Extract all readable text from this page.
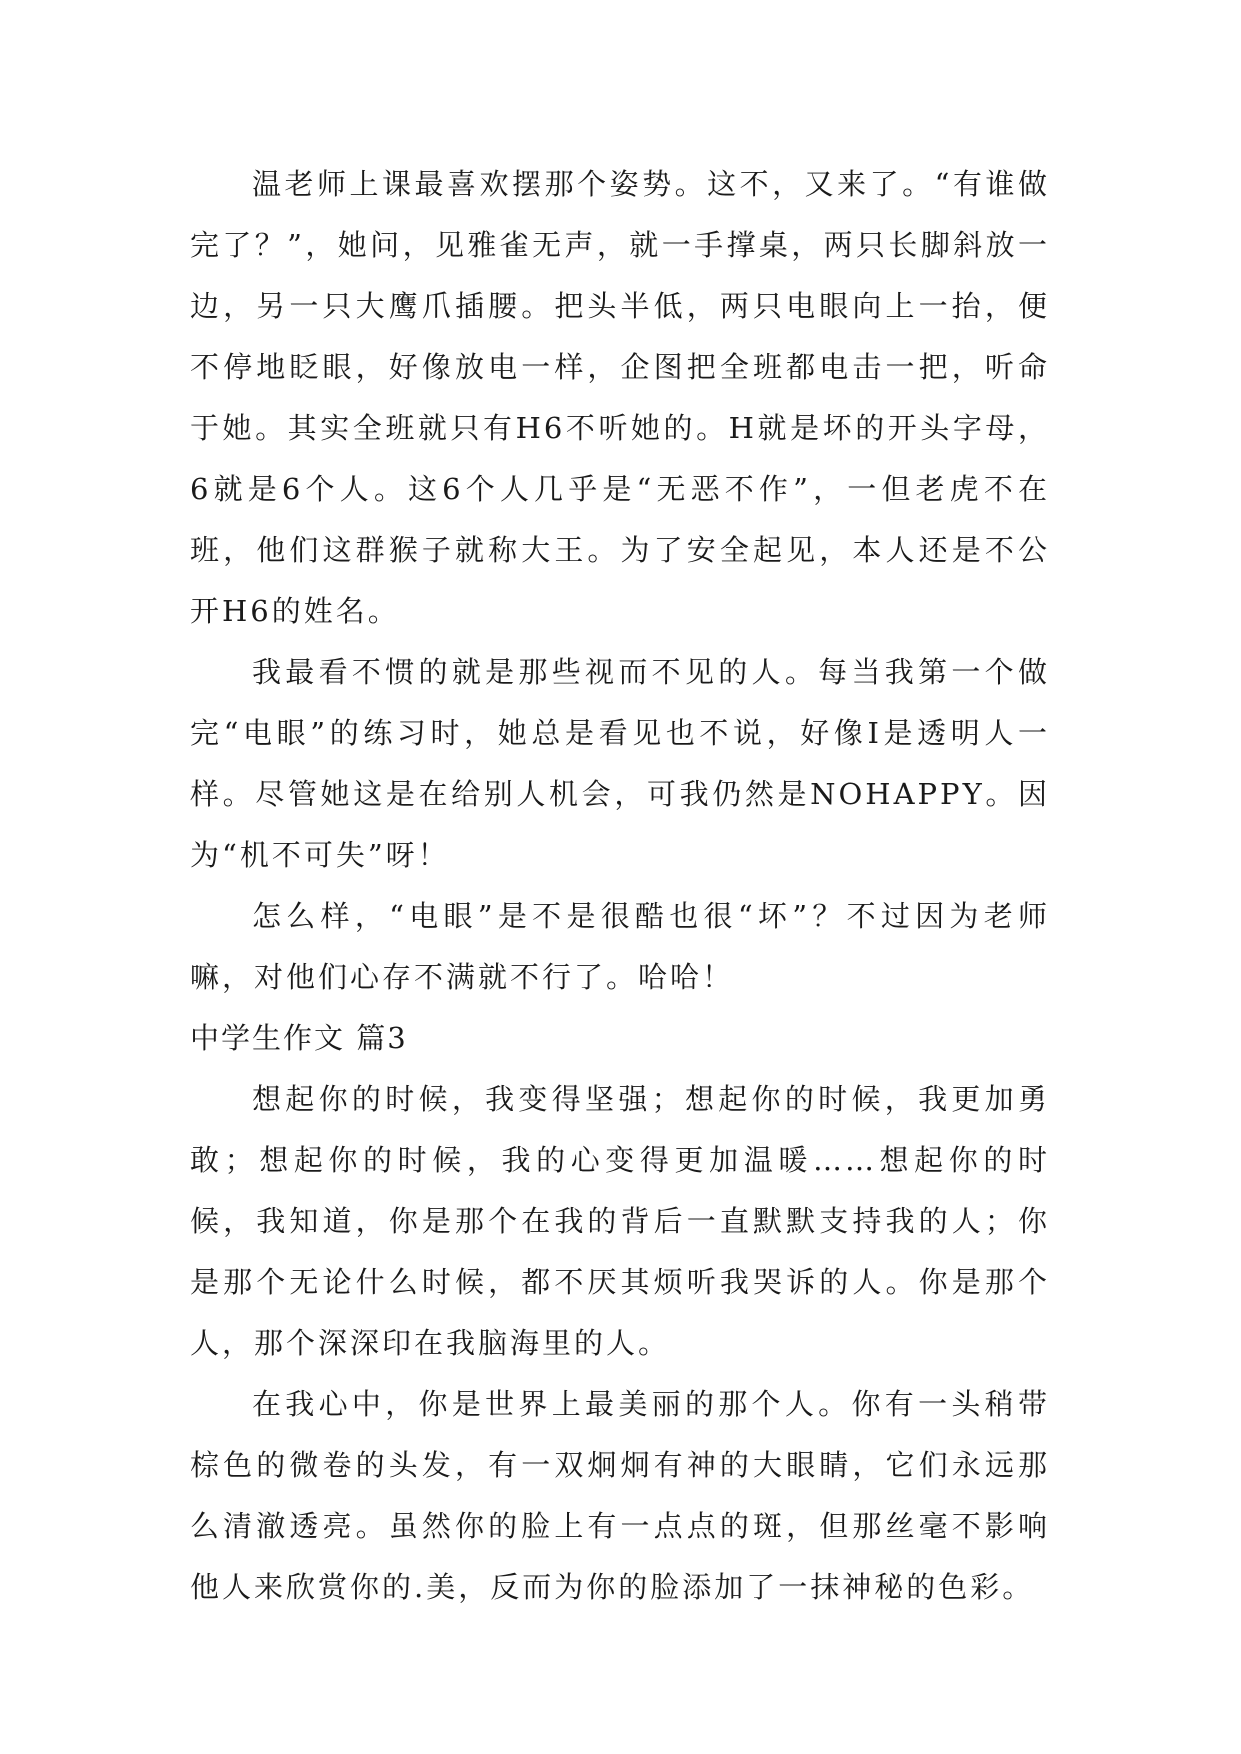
温老师上课最喜欢摆那个姿势。这不，又来了。“有谁做完了？”，她问，见雅雀无声，就一手撑桌，两只长脚斜放一边，另一只大鹰爪插腰。把头半低，两只电眼向上一抬，便不停地眨眼，好像放电一样，企图把全班都电击一把，听命于她。其实全班就只有H6不听她的。H就是坏的开头字母，6就是6个人。这6个人几乎是“无恶不作”，一但老虎不在班，他们这群猴子就称大王。为了安全起见，本人还是不公开H6的姓名。

我最看不惯的就是那些视而不见的人。每当我第一个做完“电眼”的练习时，她总是看见也不说，好像I是透明人一样。尽管她这是在给别人机会，可我仍然是NOHAPPY。因为“机不可失”呀！

怎么样，“电眼”是不是很酷也很“坏”？不过因为老师嘛，对他们心存不满就不行了。哈哈！

中学生作文 篇3

想起你的时候，我变得坚强；想起你的时候，我更加勇敢；想起你的时候，我的心变得更加温暖……想起你的时候，我知道，你是那个在我的背后一直默默支持我的人；你是那个无论什么时候，都不厌其烦听我哭诉的人。你是那个人，那个深深印在我脑海里的人。

在我心中，你是世界上最美丽的那个人。你有一头稍带棕色的微卷的头发，有一双炯炯有神的大眼睛，它们永远那么清澈透亮。虽然你的脸上有一点点的斑，但那丝毫不影响他人来欣赏你的.美，反而为你的脸添加了一抹神秘的色彩。
